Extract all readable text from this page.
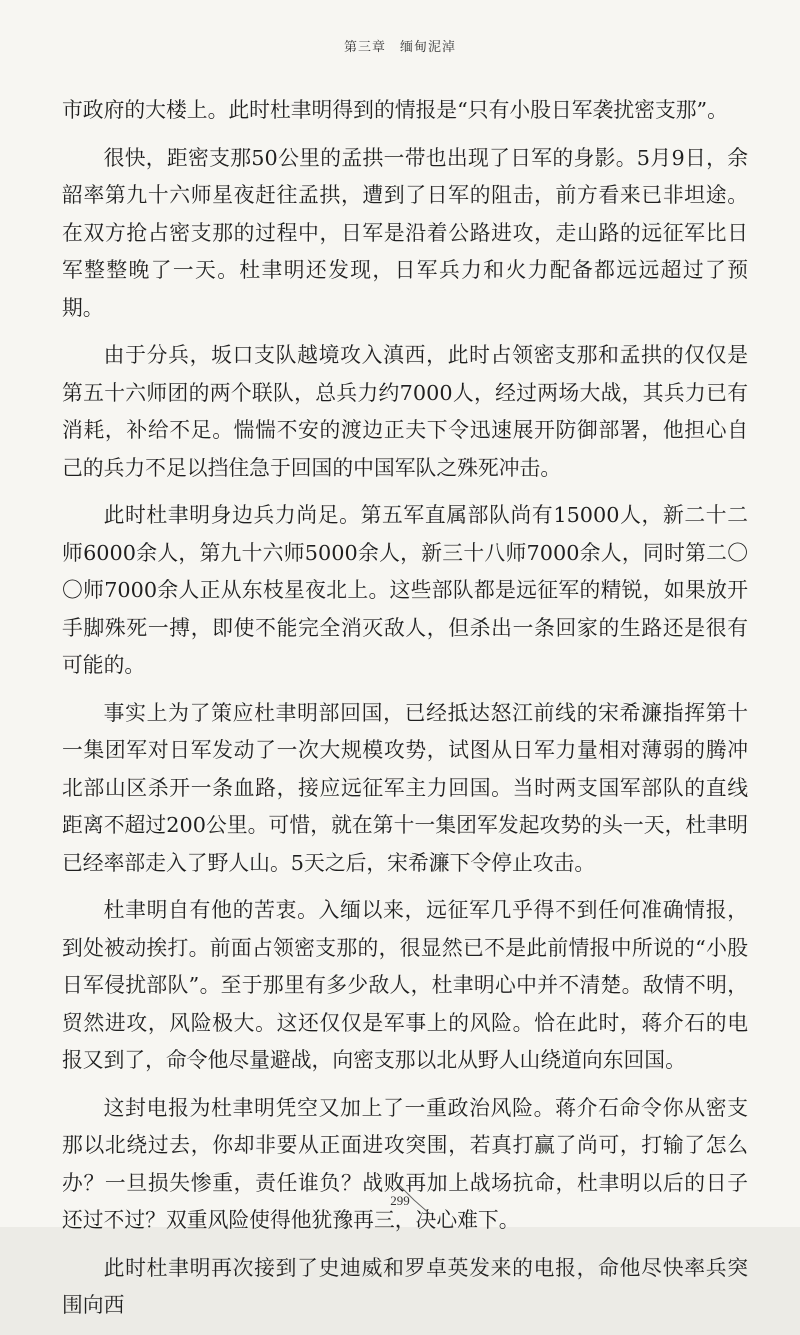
第三章 缅甸泥淖

市政府的大楼上。此时杜聿明得到的情报是“只有小股日军袭扰密支那”。

很快，距密支那50公里的孟拱一带也出现了日军的身影。5月9日，余韶率第九十六师星夜赶往孟拱，遭到了日军的阻击，前方看来已非坦途。在双方抢占密支那的过程中，日军是沿着公路进攻，走山路的远征军比日军整整晚了一天。杜聿明还发现，日军兵力和火力配备都远远超过了预期。

由于分兵，坂口支队越境攻入滇西，此时占领密支那和孟拱的仅仅是第五十六师团的两个联队，总兵力约7000人，经过两场大战，其兵力已有消耗，补给不足。惴惴不安的渡边正夫下令迅速展开防御部署，他担心自己的兵力不足以挡住急于回国的中国军队之殊死冲击。

此时杜聿明身边兵力尚足。第五军直属部队尚有15000人，新二十二师6000余人，第九十六师5000余人，新三十八师7000余人，同时第二〇〇师7000余人正从东枝星夜北上。这些部队都是远征军的精锐，如果放开手脚殊死一搏，即使不能完全消灭敌人，但杀出一条回家的生路还是很有可能的。

事实上为了策应杜聿明部回国，已经抵达怒江前线的宋希濂指挥第十一集团军对日军发动了一次大规模攻势，试图从日军力量相对薄弱的腾冲北部山区杀开一条血路，接应远征军主力回国。当时两支国军部队的直线距离不超过200公里。可惜，就在第十一集团军发起攻势的头一天，杜聿明已经率部走入了野人山。5天之后，宋希濂下令停止攻击。

杜聿明自有他的苦衷。入缅以来，远征军几乎得不到任何准确情报，到处被动挨打。前面占领密支那的，很显然已不是此前情报中所说的“小股日军侵扰部队”。至于那里有多少敌人，杜聿明心中并不清楚。敌情不明，贸然进攻，风险极大。这还仅仅是军事上的风险。恰在此时，蒋介石的电报又到了，命令他尽量避战，向密支那以北从野人山绕道向东回国。

这封电报为杜聿明凭空又加上了一重政治风险。蒋介石命令你从密支那以北绕过去，你却非要从正面进攻突围，若真打赢了尚可，打输了怎么办？一旦损失惨重，责任谁负？战败再加上战场抗命，杜聿明以后的日子还过不过？双重风险使得他犹豫再三，决心难下。

此时杜聿明再次接到了史迪威和罗卓英发来的电报，命他尽快率兵突围向西

299
